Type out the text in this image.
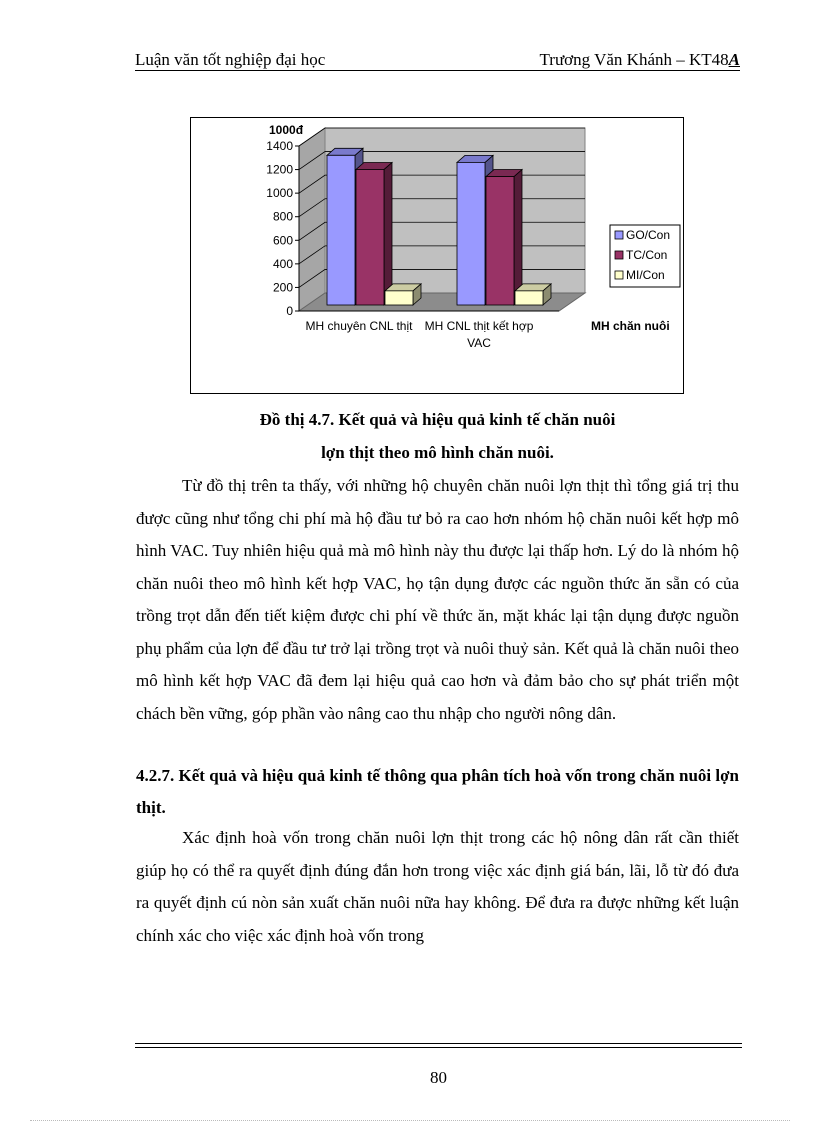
Luận văn tốt nghiệp đại học	Trương Văn Khánh – KT48A
0
200
400
600
800
1000
1200
1400
1000đ
MH chuyên CNL thịt MH CNL thịt kết hợp
VAC
MH chăn nuôi
GO/Con
TC/Con
MI/Con
Đồ thị 4.7. Kết quả và hiệu quả kinh tế chăn nuôi
lợn thịt theo mô hình chăn nuôi.

Từ đồ thị trên ta thấy, với những hộ chuyên chăn nuôi lợn thịt thì tổng giá trị thu được cũng như tổng chi phí mà hộ đầu tư bỏ ra cao hơn nhóm hộ chăn nuôi kết hợp mô hình VAC. Tuy nhiên hiệu quả mà mô hình này thu được lại thấp hơn. Lý do là nhóm hộ chăn nuôi theo mô hình kết hợp VAC, họ tận dụng được các nguồn thức ăn sẵn có của trồng trọt dẫn đến tiết kiệm được chi phí về thức ăn, mặt khác lại tận dụng được nguồn phụ phẩm của lợn để đầu tư trở lại trồng trọt và nuôi thuỷ sản. Kết quả là chăn nuôi theo mô hình kết hợp VAC đã đem lại hiệu quả cao hơn và đảm bảo cho sự phát triển một chách bền vững, góp phần vào nâng cao thu nhập cho người nông dân.

4.2.7. Kết quả và hiệu quả kinh tế thông qua phân tích hoà vốn trong chăn nuôi lợn thịt.

Xác định hoà vốn trong chăn nuôi lợn thịt trong các hộ nông dân rất cần thiết giúp họ có thể ra quyết định đúng đắn hơn trong việc xác định giá bán, lãi, lỗ từ đó đưa ra quyết định cú nòn sản xuất chăn nuôi nữa hay không. Để đưa ra được những kết luận chính xác cho việc xác định hoà vốn trong

80
